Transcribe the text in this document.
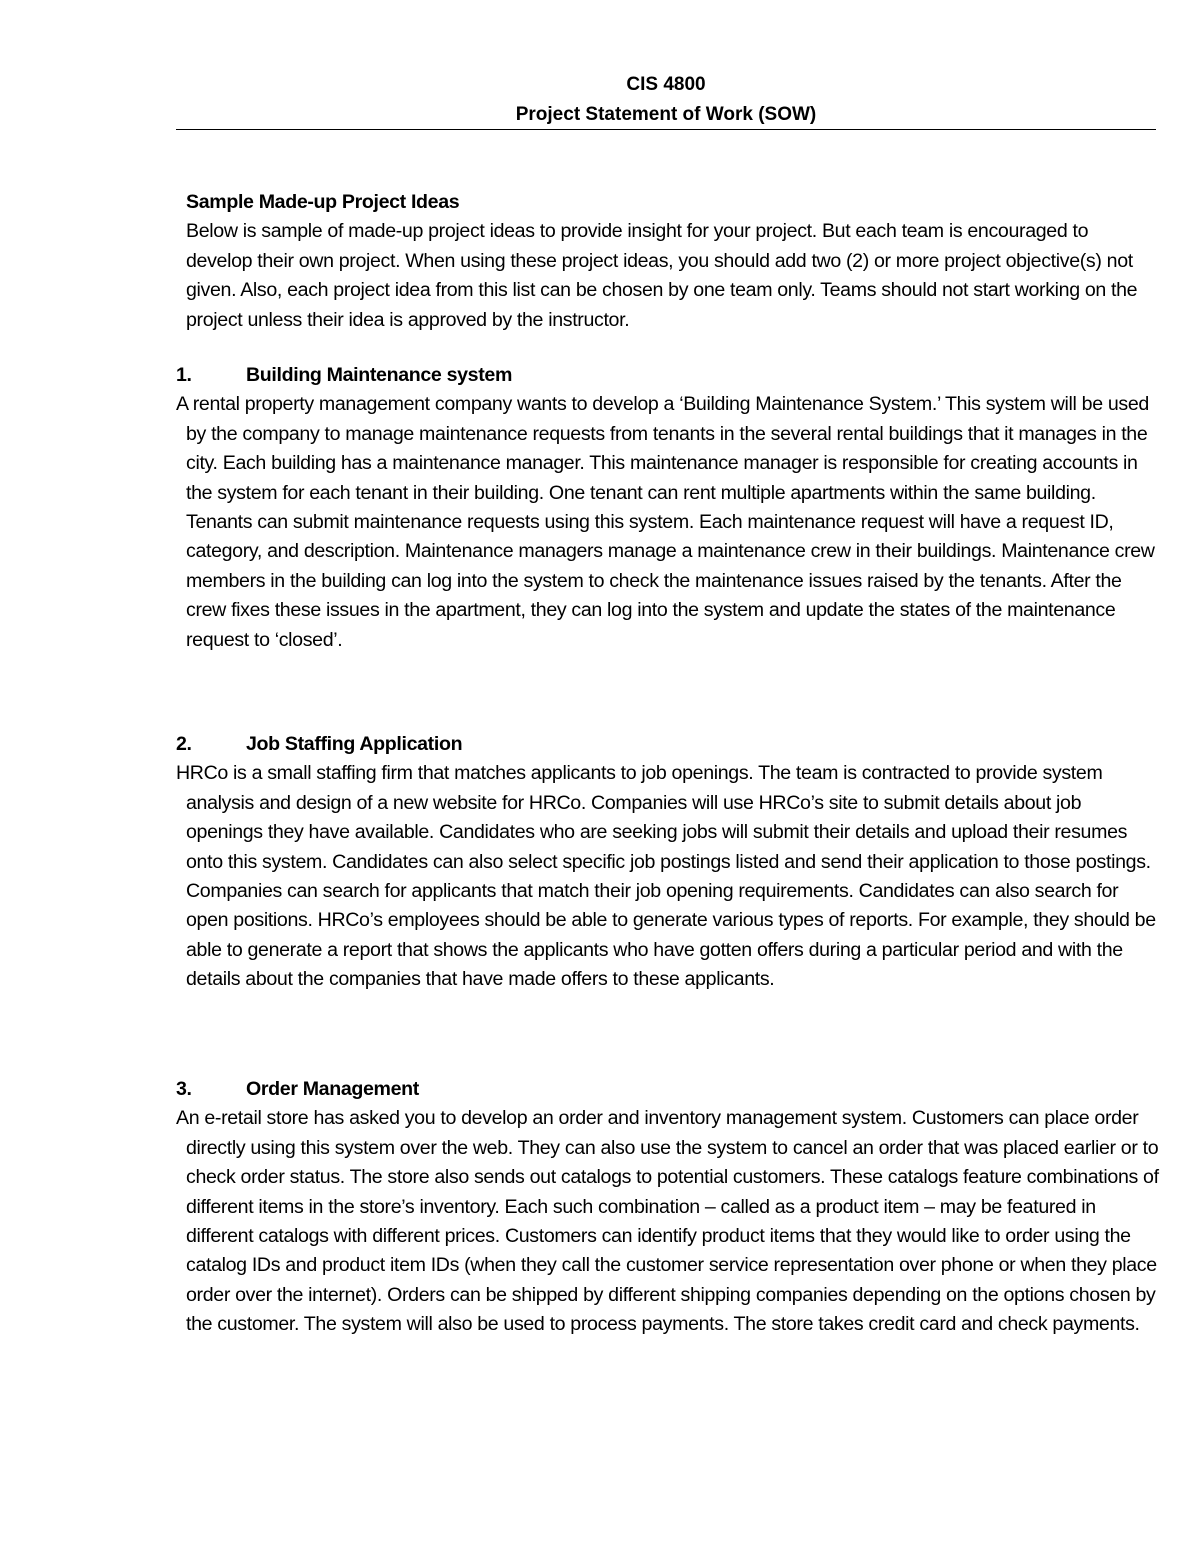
CIS 4800
Project Statement of Work (SOW)
Sample Made-up Project Ideas
Below is sample of made-up project ideas to provide insight for your project. But each team is encouraged to develop their own project. When using these project ideas, you should add two (2) or more project objective(s) not given. Also, each project idea from this list can be chosen by one team only. Teams should not start working on the project unless their idea is approved by the instructor.
1.	Building Maintenance system
A rental property management company wants to develop a ‘Building Maintenance System.’ This system will be used by the company to manage maintenance requests from tenants in the several rental buildings that it manages in the city. Each building has a maintenance manager. This maintenance manager is responsible for creating accounts in the system for each tenant in their building. One tenant can rent multiple apartments within the same building. Tenants can submit maintenance requests using this system. Each maintenance request will have a request ID, category, and description. Maintenance managers manage a maintenance crew in their buildings. Maintenance crew members in the building can log into the system to check the maintenance issues raised by the tenants. After the crew fixes these issues in the apartment, they can log into the system and update the states of the maintenance request to ‘closed’.
2.	Job Staffing Application
HRCo is a small staffing firm that matches applicants to job openings. The team is contracted to provide system analysis and design of a new website for HRCo. Companies will use HRCo’s site to submit details about job openings they have available. Candidates who are seeking jobs will submit their details and upload their resumes onto this system. Candidates can also select specific job postings listed and send their application to those postings. Companies can search for applicants that match their job opening requirements. Candidates can also search for open positions. HRCo’s employees should be able to generate various types of reports. For example, they should be able to generate a report that shows the applicants who have gotten offers during a particular period and with the details about the companies that have made offers to these applicants.
3.	Order Management
An e-retail store has asked you to develop an order and inventory management system. Customers can place order directly using this system over the web. They can also use the system to cancel an order that was placed earlier or to check order status. The store also sends out catalogs to potential customers. These catalogs feature combinations of different items in the store’s inventory. Each such combination – called as a product item – may be featured in different catalogs with different prices. Customers can identify product items that they would like to order using the catalog IDs and product item IDs (when they call the customer service representation over phone or when they place order over the internet). Orders can be shipped by different shipping companies depending on the options chosen by the customer. The system will also be used to process payments. The store takes credit card and check payments.
